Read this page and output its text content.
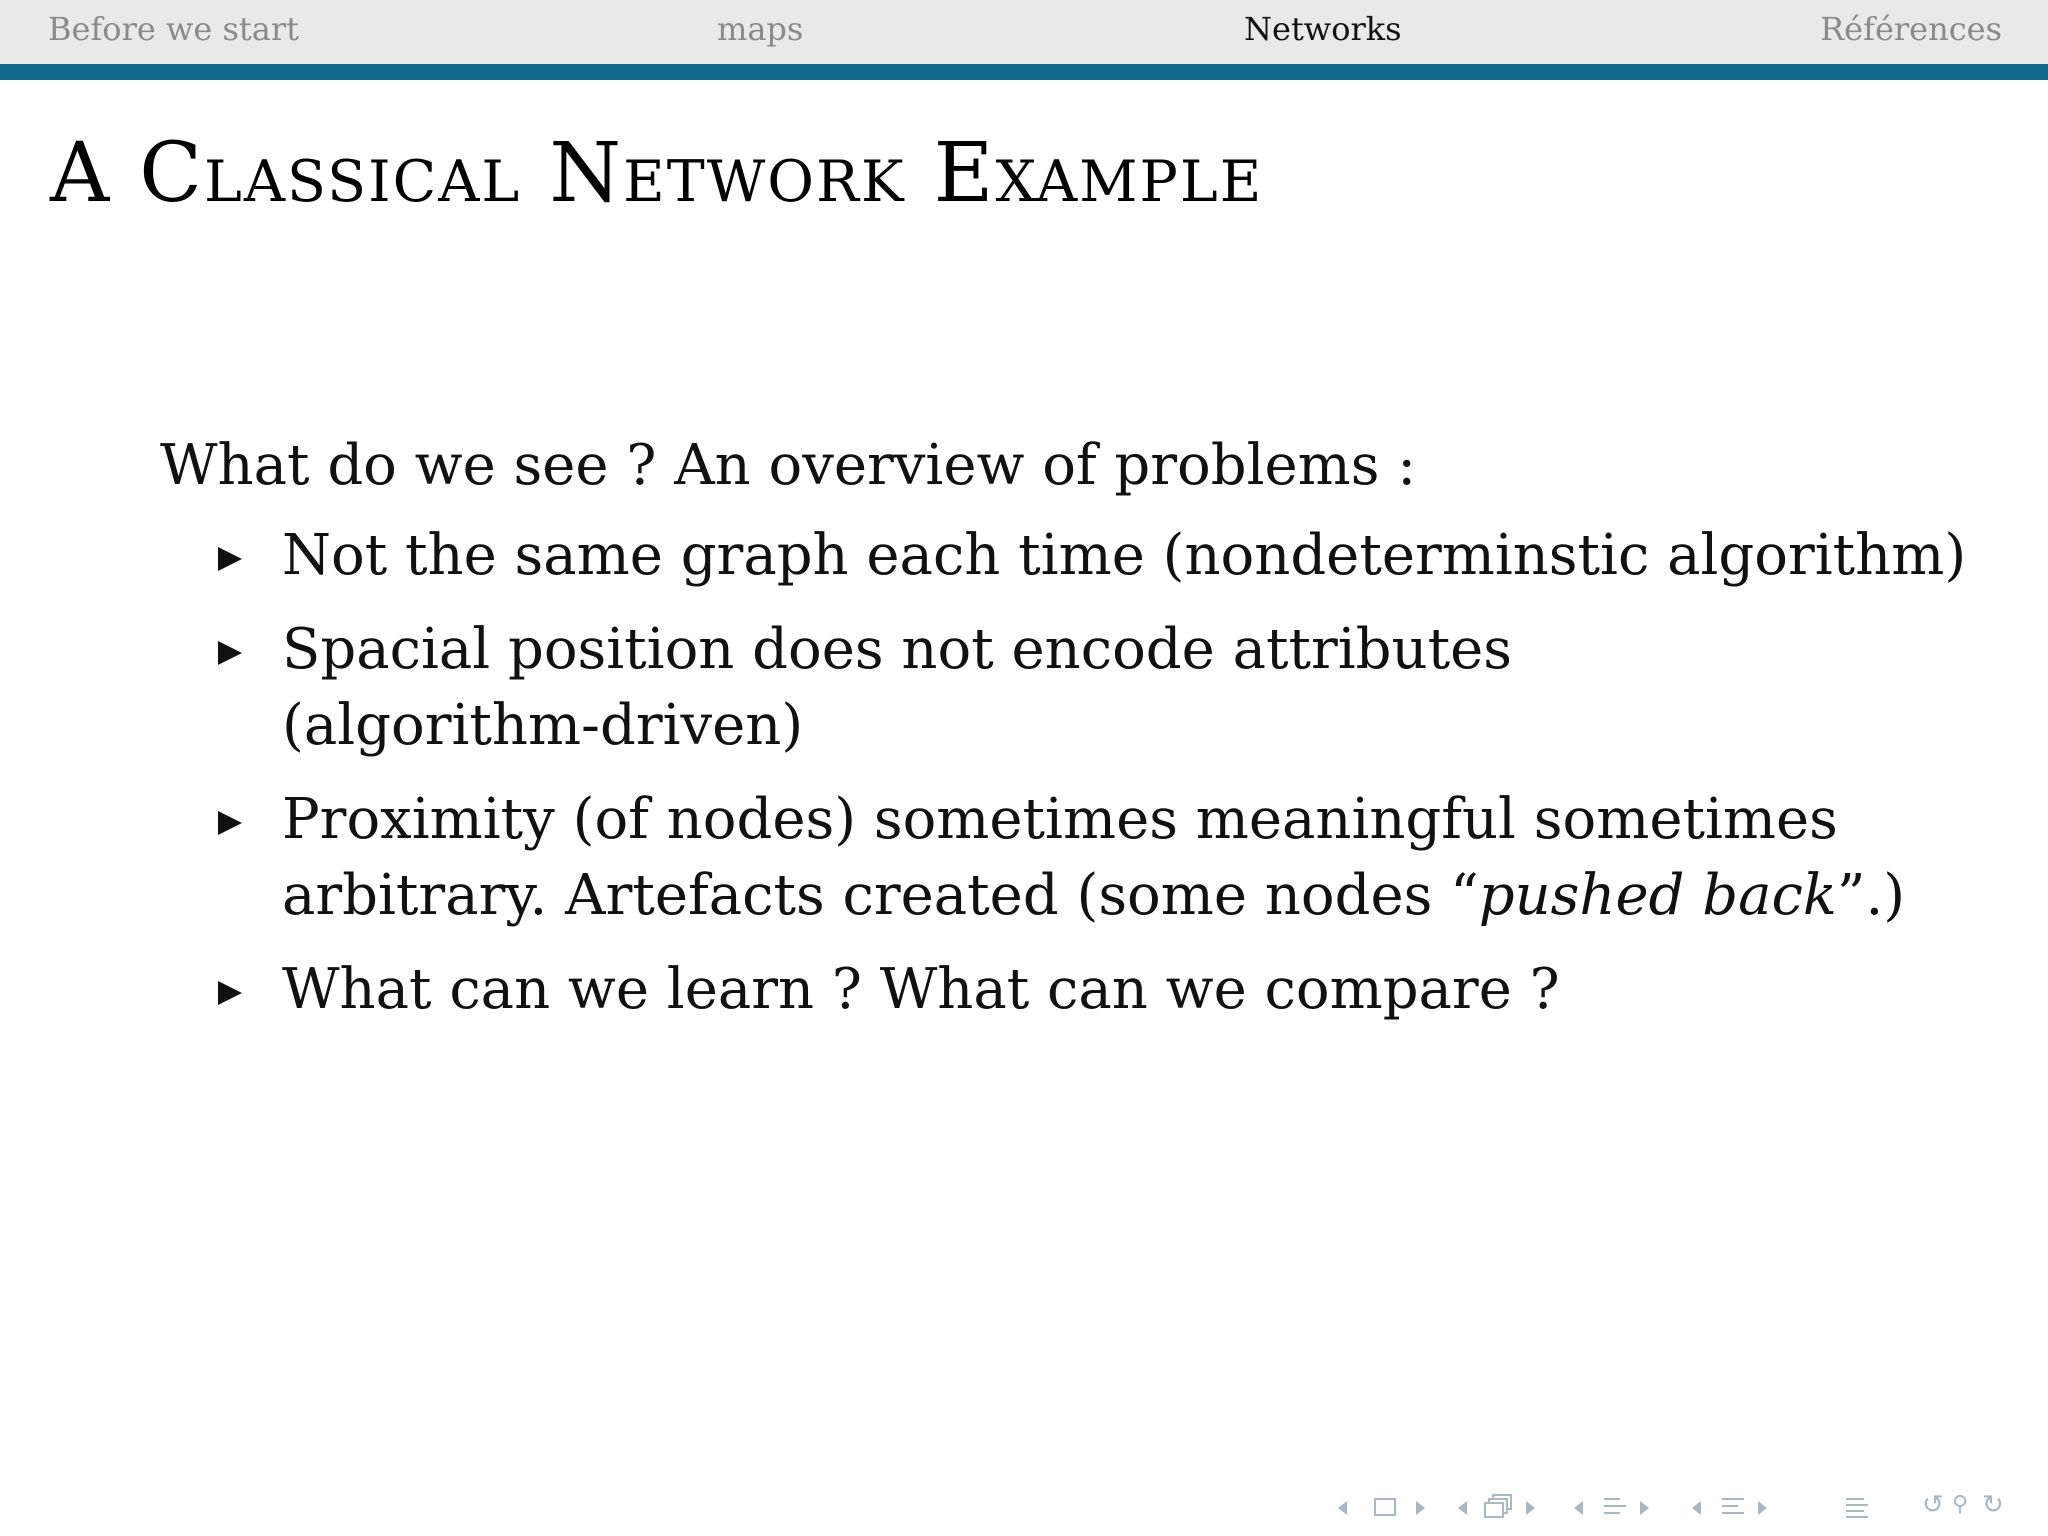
Before we start	maps	Networks	Références
A Classical Network Example

What do we see ? An overview of problems :

Not the same graph each time (nondeterminstic algorithm)
Spacial position does not encode attributes
(algorithm-driven)
Proximity (of nodes) sometimes meaningful sometimes
arbitrary. Artefacts created (some nodes “pushed back”.)
What can we learn ? What can we compare ?
↺ ⚲ ↻
